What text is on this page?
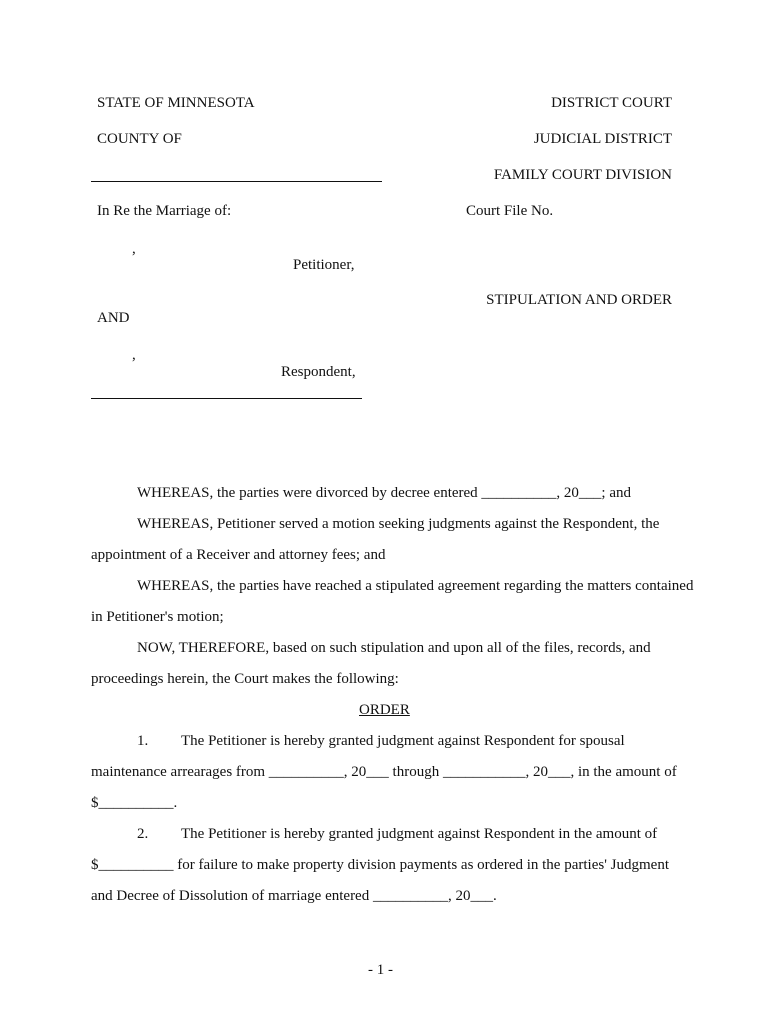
STATE OF MINNESOTA	DISTRICT COURT
COUNTY OF	JUDICIAL DISTRICT
FAMILY COURT DIVISION
In Re the Marriage of:	Court File No.
,
Petitioner,
STIPULATION AND ORDER
AND
,
Respondent,
WHEREAS, the parties were divorced by decree entered __________, 20___; and
WHEREAS, Petitioner served a motion seeking judgments against the Respondent, the
appointment of a Receiver and attorney fees; and
WHEREAS, the parties have reached a stipulated agreement regarding the matters contained
in Petitioner's motion;
NOW, THEREFORE, based on such stipulation and upon all of the files, records, and
proceedings herein, the Court makes the following:
ORDER
1. The Petitioner is hereby granted judgment against Respondent for spousal
maintenance arrearages from __________, 20___ through ___________, 20___, in the amount of
$__________.
2. The Petitioner is hereby granted judgment against Respondent in the amount of
$__________ for failure to make property division payments as ordered in the parties' Judgment
and Decree of Dissolution of marriage entered __________, 20___.
- 1 -
